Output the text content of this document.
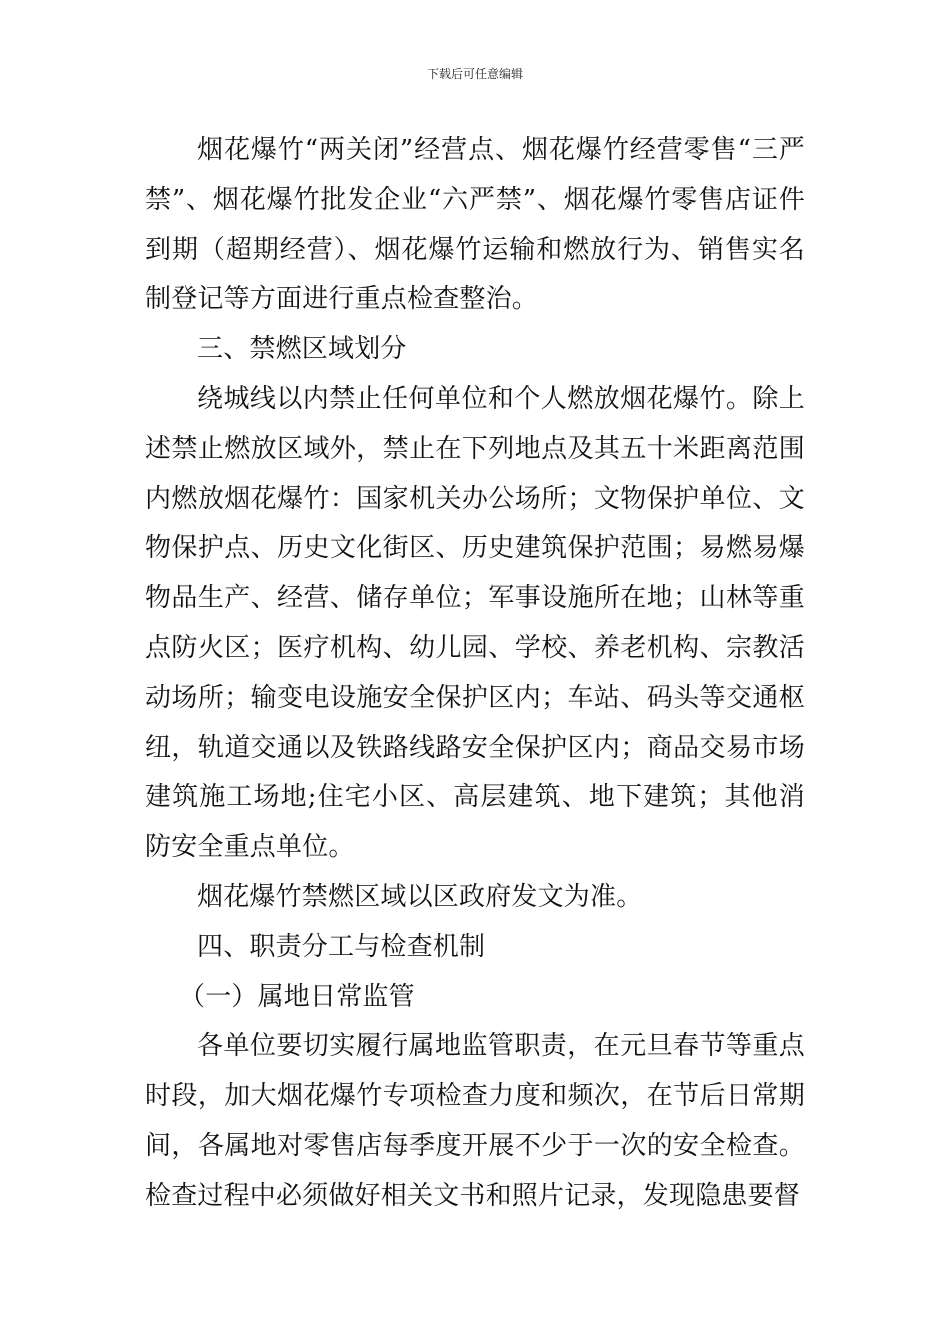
下载后可任意编辑

烟花爆竹“两关闭”经营点、烟花爆竹经营零售“三严禁”、烟花爆竹批发企业“六严禁”、烟花爆竹零售店证件到期（超期经营）、烟花爆竹运输和燃放行为、销售实名制登记等方面进行重点检查整治。

三、禁燃区域划分

绕城线以内禁止任何单位和个人燃放烟花爆竹。除上述禁止燃放区域外，禁止在下列地点及其五十米距离范围内燃放烟花爆竹：国家机关办公场所；文物保护单位、文物保护点、历史文化街区、历史建筑保护范围；易燃易爆物品生产、经营、储存单位；军事设施所在地；山林等重点防火区；医疗机构、幼儿园、学校、养老机构、宗教活动场所；输变电设施安全保护区内；车站、码头等交通枢纽，轨道交通以及铁路线路安全保护区内；商品交易市场建筑施工场地;住宅小区、高层建筑、地下建筑；其他消防安全重点单位。

烟花爆竹禁燃区域以区政府发文为准。

四、职责分工与检查机制

（一）属地日常监管

各单位要切实履行属地监管职责，在元旦春节等重点时段，加大烟花爆竹专项检查力度和频次，在节后日常期间，各属地对零售店每季度开展不少于一次的安全检查。检查过程中必须做好相关文书和照片记录，发现隐患要督
